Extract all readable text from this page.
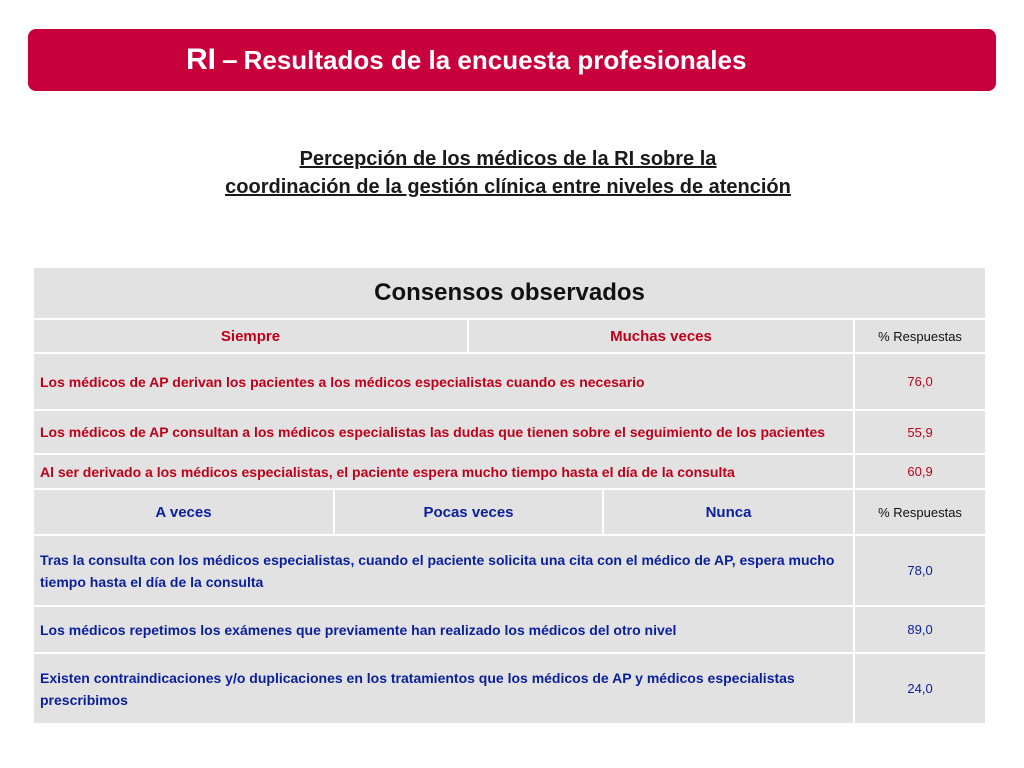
RI – Resultados de la encuesta profesionales
Percepción de los médicos de la RI sobre la
coordinación de la gestión clínica entre niveles de atención
Consensos observados				
Siempre		Muchas veces		% Respuestas
Los médicos de AP derivan los pacientes a los médicos especialistas cuando es necesario				76,0
Los médicos de AP consultan a los médicos especialistas las dudas que tienen sobre el seguimiento de los pacientes				55,9
Al ser derivado a los médicos especialistas, el paciente espera mucho tiempo hasta el día de la consulta				60,9
A veces	Pocas veces		Nunca	% Respuestas
Tras la consulta con los médicos especialistas, cuando el paciente solicita una cita con el médico de AP, espera mucho tiempo hasta el día de la consulta				78,0
Los médicos repetimos los exámenes que previamente han realizado los médicos del otro nivel				89,0
Existen contraindicaciones y/o duplicaciones en los tratamientos que los médicos de AP y médicos especialistas prescribimos				24,0
